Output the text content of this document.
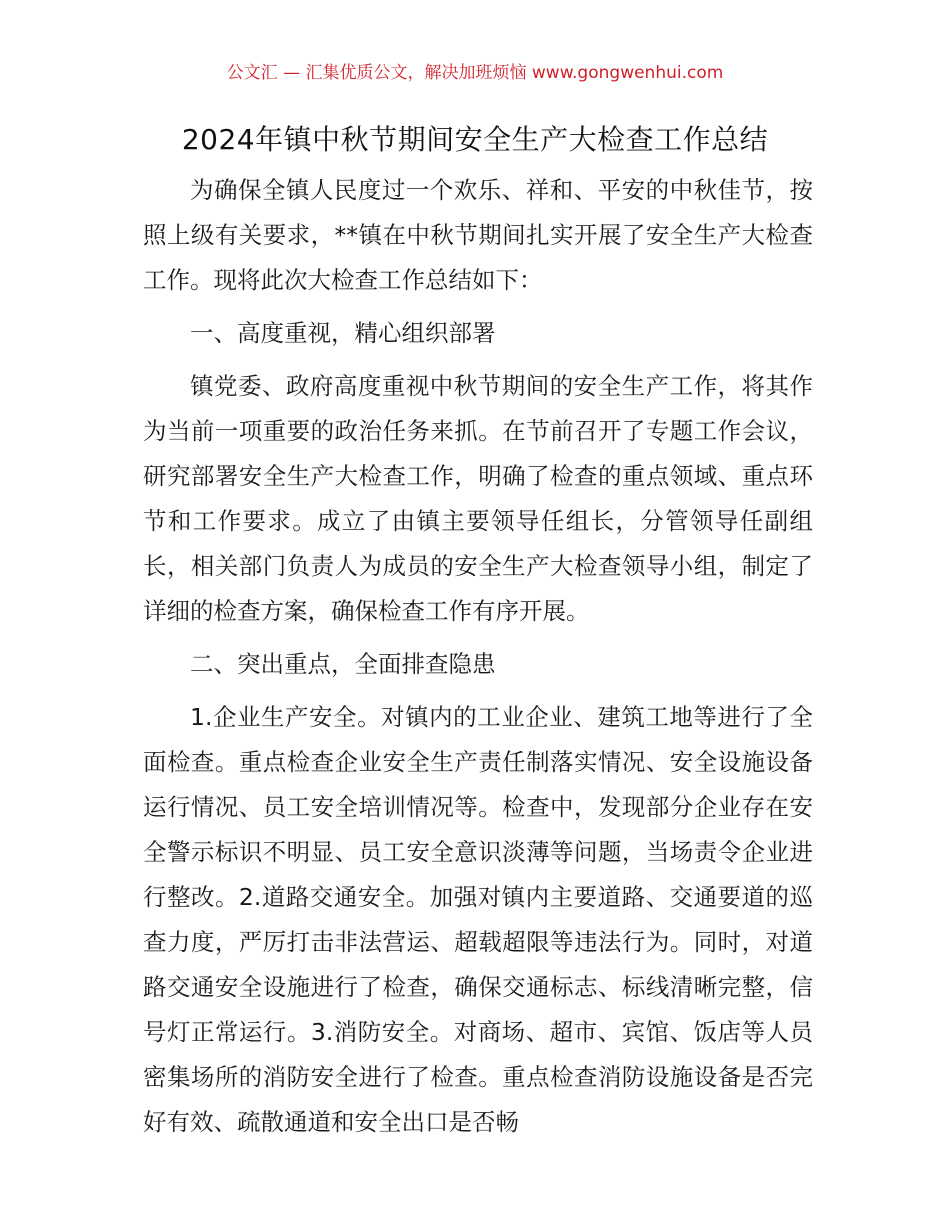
公文汇 — 汇集优质公文，解决加班烦恼 www.gongwenhui.com
2024年镇中秋节期间安全生产大检查工作总结

为确保全镇人民度过一个欢乐、祥和、平安的中秋佳节，按照上级有关要求，**镇在中秋节期间扎实开展了安全生产大检查工作。现将此次大检查工作总结如下：

一、高度重视，精心组织部署

镇党委、政府高度重视中秋节期间的安全生产工作，将其作为当前一项重要的政治任务来抓。在节前召开了专题工作会议，研究部署安全生产大检查工作，明确了检查的重点领域、重点环节和工作要求。成立了由镇主要领导任组长，分管领导任副组长，相关部门负责人为成员的安全生产大检查领导小组，制定了详细的检查方案，确保检查工作有序开展。

二、突出重点，全面排查隐患

1.企业生产安全。对镇内的工业企业、建筑工地等进行了全面检查。重点检查企业安全生产责任制落实情况、安全设施设备运行情况、员工安全培训情况等。检查中，发现部分企业存在安全警示标识不明显、员工安全意识淡薄等问题，当场责令企业进行整改。2.道路交通安全。加强对镇内主要道路、交通要道的巡查力度，严厉打击非法营运、超载超限等违法行为。同时，对道路交通安全设施进行了检查，确保交通标志、标线清晰完整，信号灯正常运行。3.消防安全。对商场、超市、宾馆、饭店等人员密集场所的消防安全进行了检查。重点检查消防设施设备是否完好有效、疏散通道和安全出口是否畅
